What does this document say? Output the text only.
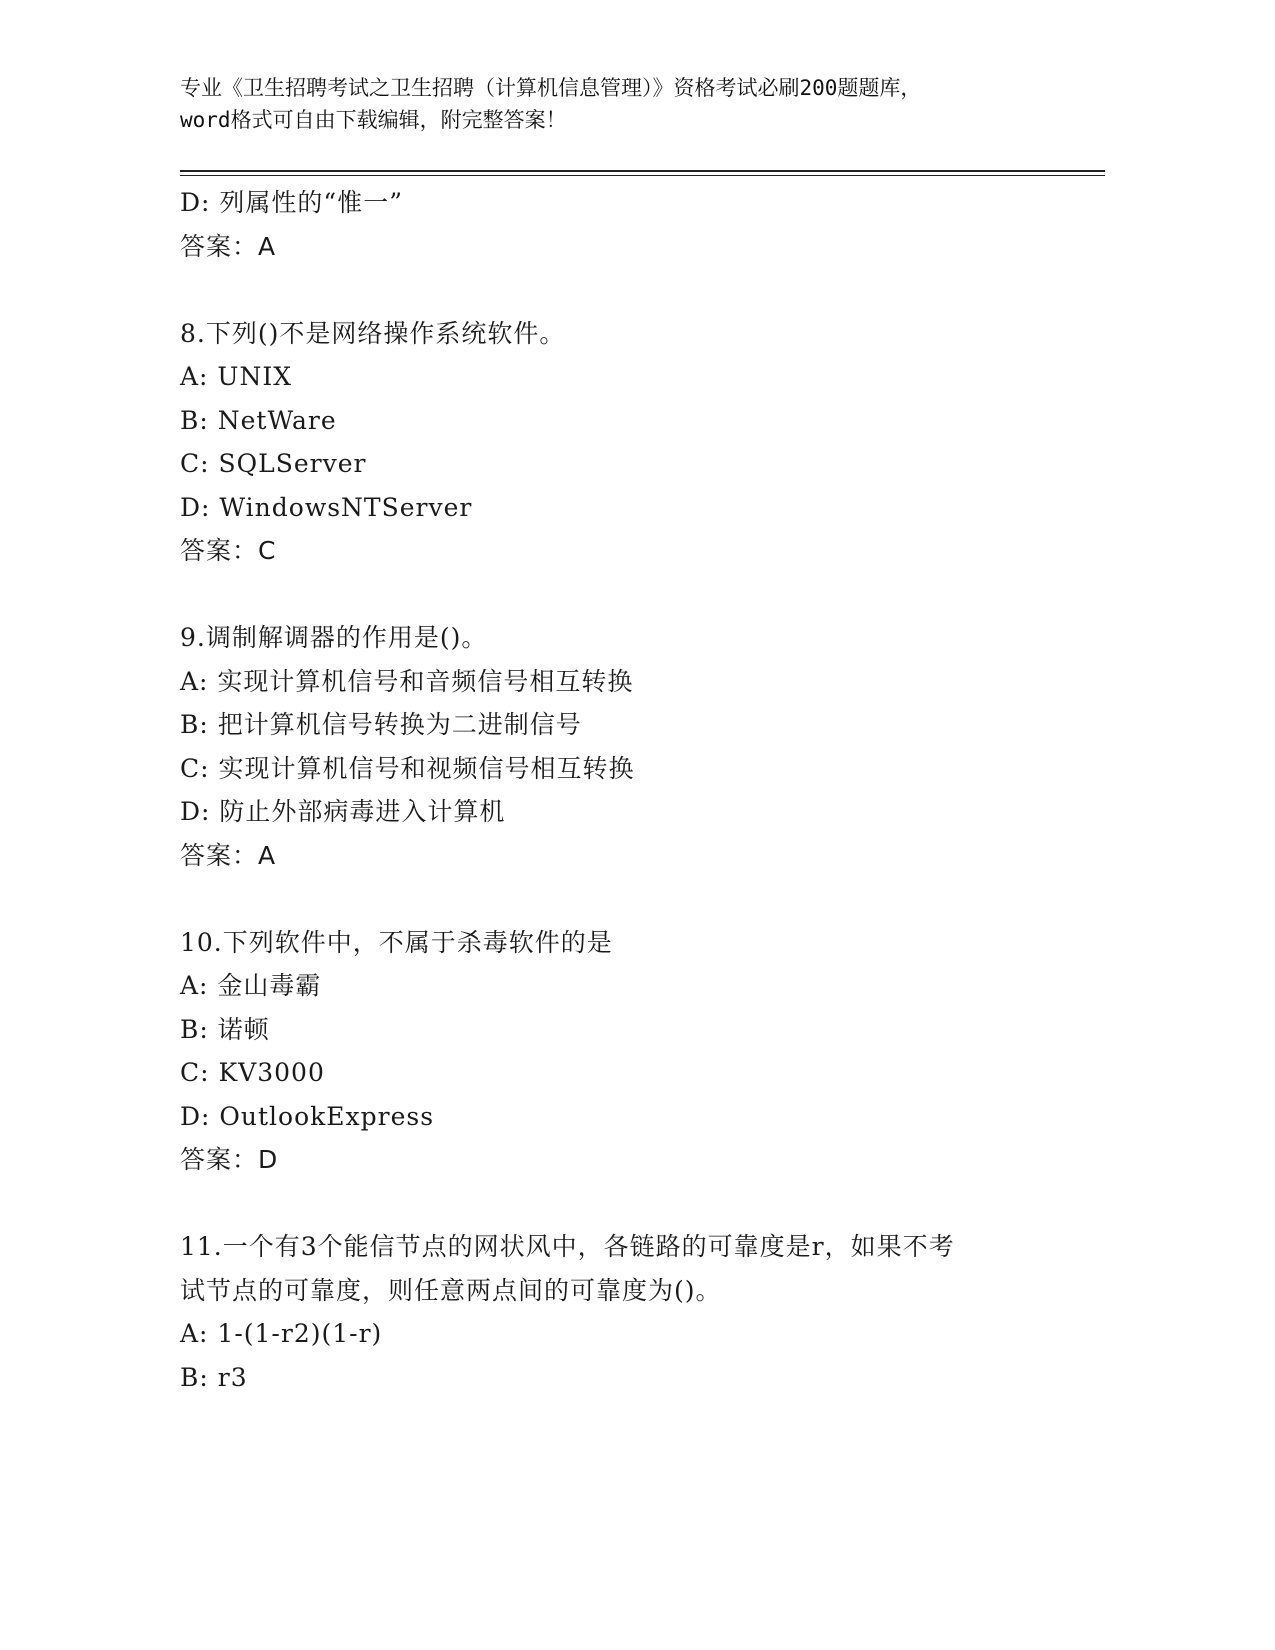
专业《卫生招聘考试之卫生招聘（计算机信息管理）》资格考试必刷200题题库，
word格式可自由下载编辑，附完整答案！
D: 列属性的“惟一”
答案：A
8.下列()不是网络操作系统软件。
A: UNIX
B: NetWare
C: SQLServer
D: WindowsNTServer
答案：C
9.调制解调器的作用是()。
A: 实现计算机信号和音频信号相互转换
B: 把计算机信号转换为二进制信号
C: 实现计算机信号和视频信号相互转换
D: 防止外部病毒进入计算机
答案：A
10.下列软件中，不属于杀毒软件的是
A: 金山毒霸
B: 诺顿
C: KV3000
D: OutlookExpress
答案：D
11.一个有3个能信节点的网状风中，各链路的可靠度是r，如果不考
试节点的可靠度，则任意两点间的可靠度为()。
A: 1-(1-r2)(1-r)
B: r3
